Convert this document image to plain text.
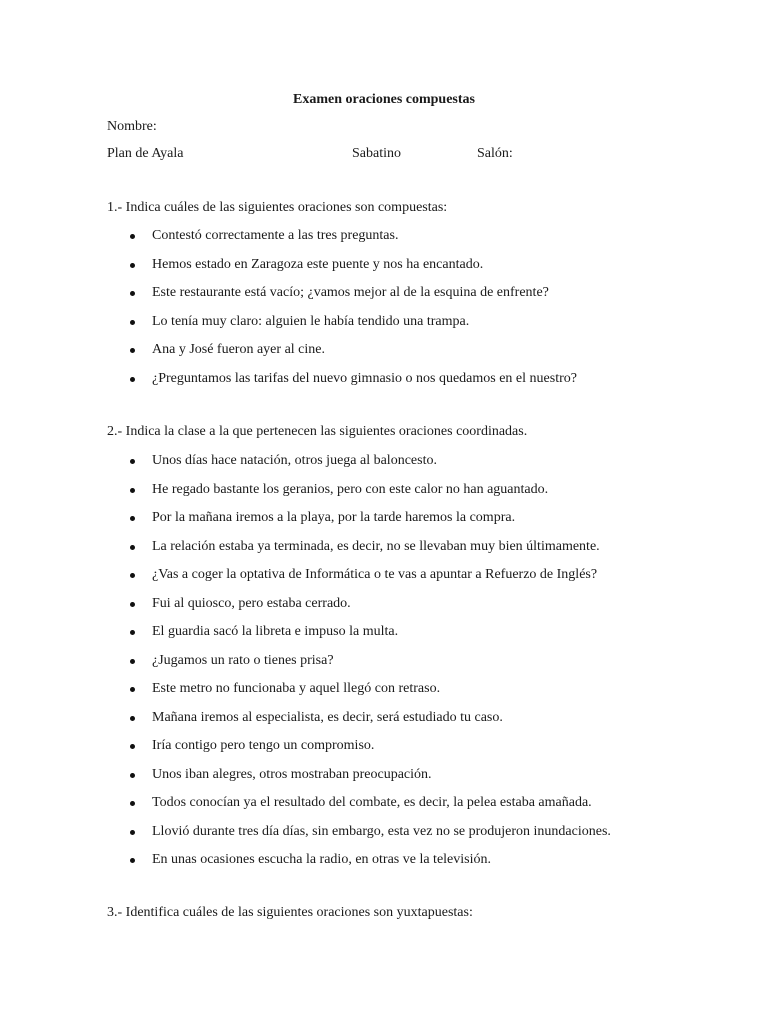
Examen oraciones compuestas
Nombre:
Plan de Ayala	Sabatino	Salón:
1.- Indica cuáles de las siguientes oraciones son compuestas:
Contestó correctamente a las tres preguntas.
Hemos estado en Zaragoza este puente y nos ha encantado.
Este restaurante está vacío; ¿vamos mejor al de la esquina de enfrente?
Lo tenía muy claro: alguien le había tendido una trampa.
Ana y José fueron ayer al cine.
¿Preguntamos las tarifas del nuevo gimnasio o nos quedamos en el nuestro?
2.- Indica la clase a la que pertenecen las siguientes oraciones coordinadas.
Unos días hace natación, otros juega al baloncesto.
He regado bastante los geranios, pero con este calor no han aguantado.
Por la mañana iremos a la playa, por la tarde haremos la compra.
La relación estaba ya terminada, es decir, no se llevaban muy bien últimamente.
¿Vas a coger la optativa de Informática o te vas a apuntar a Refuerzo de Inglés?
Fui al quiosco, pero estaba cerrado.
El guardia sacó la libreta e impuso la multa.
¿Jugamos un rato o tienes prisa?
Este metro no funcionaba y aquel llegó con retraso.
Mañana iremos al especialista, es decir, será estudiado tu caso.
Iría contigo pero tengo un compromiso.
Unos iban alegres, otros mostraban preocupación.
Todos conocían ya el resultado del combate, es decir, la pelea estaba amañada.
Llovió durante tres día días, sin embargo, esta vez no se produjeron inundaciones.
En unas ocasiones escucha la radio, en otras ve la televisión.
3.- Identifica cuáles de las siguientes oraciones son yuxtapuestas:
